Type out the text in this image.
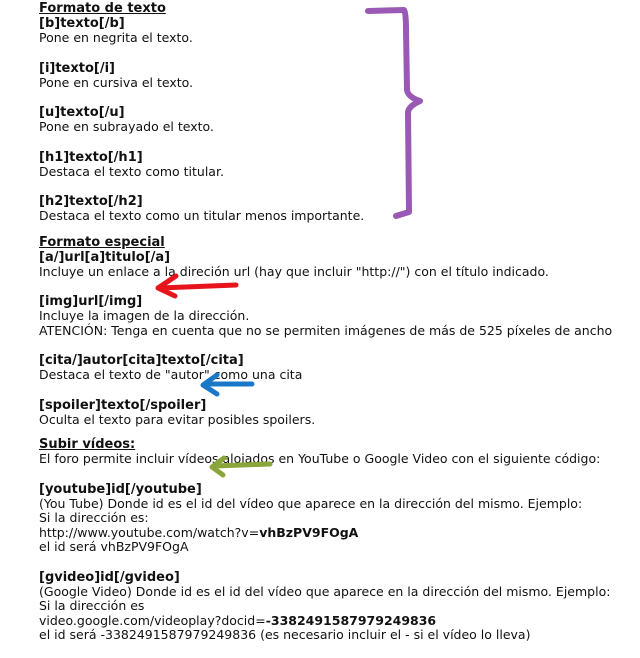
Formato de texto
[b]texto[/b]
Pone en negrita el texto.
[i]texto[/i]
Pone en cursiva el texto.
[u]texto[/u]
Pone en subrayado el texto.
[h1]texto[/h1]
Destaca el texto como titular.
[h2]texto[/h2]
Destaca el texto como un titular menos importante.
Formato especial
[a/]url[a]titulo[/a]
Incluye un enlace a la direción url (hay que incluir "http://") con el título indicado.
[img]url[/img]
Incluye la imagen de la dirección.
ATENCIÓN: Tenga en cuenta que no se permiten imágenes de más de 525 píxeles de ancho
[cita/]autor[cita]texto[/cita]
Destaca el texto de "autor" como una cita
[spoiler]texto[/spoiler]
Oculta el texto para evitar posibles spoilers.
Subir vídeos:
El foro permite incluir vídeos alojados en YouTube o Google Video con el siguiente código:
[youtube]id[/youtube]
(You Tube) Donde id es el id del vídeo que aparece en la dirección del mismo. Ejemplo:
Si la dirección es:
http://www.youtube.com/watch?v=vhBzPV9FOgA
el id será vhBzPV9FOgA
[gvideo]id[/gvideo]
(Google Video) Donde id es el id del vídeo que aparece en la dirección del mismo. Ejemplo:
Si la dirección es
video.google.com/videoplay?docid=-3382491587979249836
el id será -3382491587979249836 (es necesario incluir el - si el vídeo lo lleva)
